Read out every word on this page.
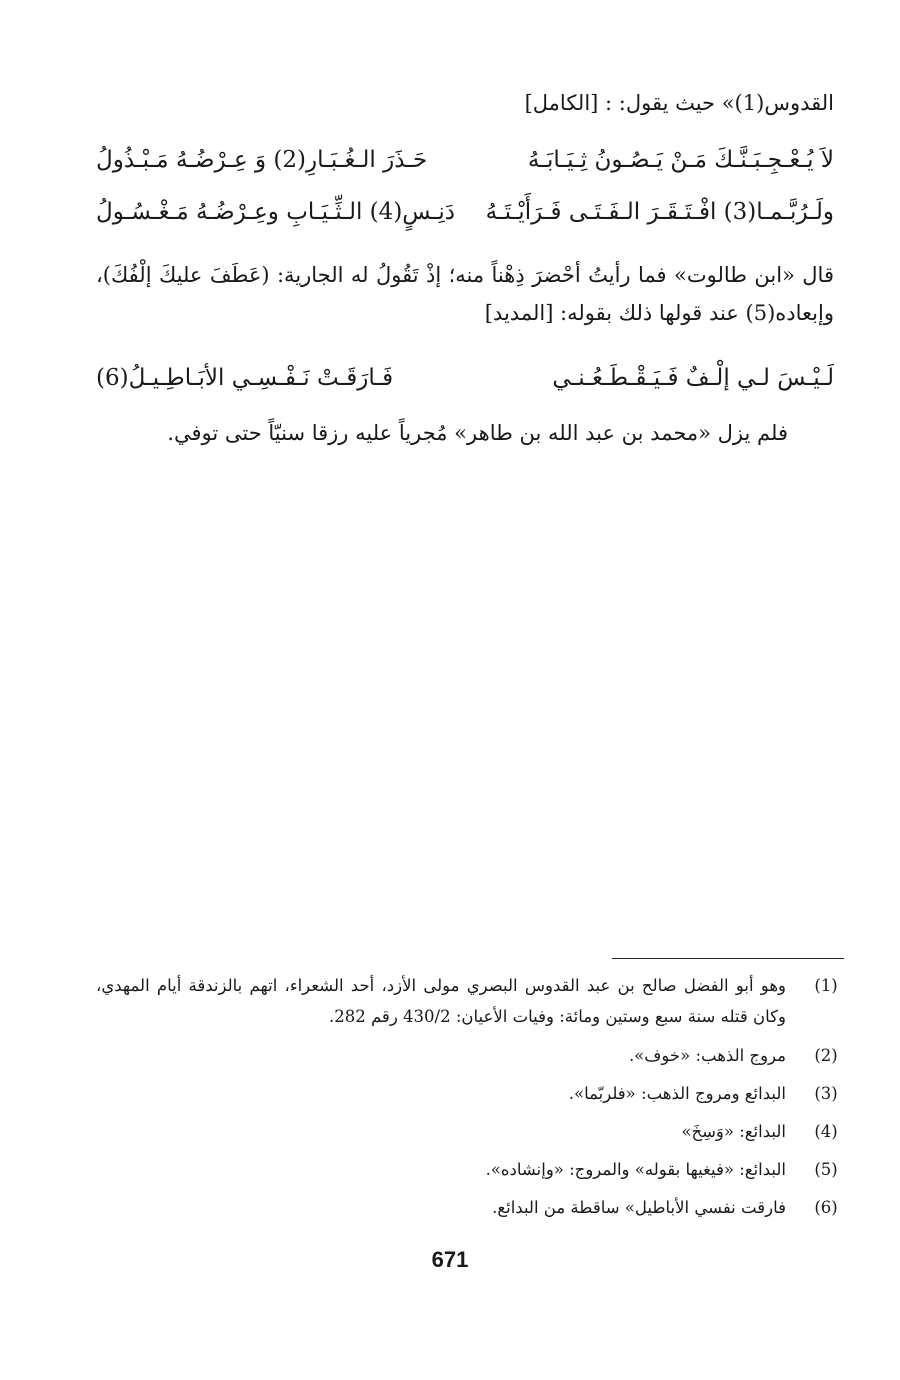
القدوس(1)» حيث يقول: : [الكامل]
لاَ يُـعْـجِـبَـنَّـكَ مَـنْ يَـصُـونُ ثِـيَـابَـهُ
حَـذَرَ الـغُـبَـارِ(2) وَ عِـرْضُـهُ مَـبْـذُولُ
ولَـرُبَّـمـا(3) افْـتَـقَـرَ الـفَـتَـى فَـرَأَيْـتَـهُ
دَنِـسٍ(4) الـثِّـيَـابِ وعِـرْضُـهُ مَـغْـسُـولُ
قال «ابن طالوت» فما رأيتُ أحْضرَ ذِهْناً منه؛ إذْ تَقُولُ له الجارية: (عَطَفَ عليكَ إلْفُكَ)، وإبعاده(5) عند قولها ذلك بقوله: [المديد]
لَـيْـسَ لـي إلْـفٌ فَـيَـقْـطَـعُـنـي
فَـارَقَـتْ نَـفْـسِـي الأبَـاطِـيـلُ(6)
فلم يزل «محمد بن عبد الله بن طاهر» مُجرياً عليه رزقا سنيّاً حتى توفي.
(1)
وهو أبو الفضل صالح بن عبد القدوس البصري مولى الأزد، أحد الشعراء، اتهم بالزندقة أيام المهدي، وكان قتله سنة سبع وستين ومائة: وفيات الأعيان: 430/2 رقم 282.
(2)
مروج الذهب: «خوف».
(3)
البدائع ومروج الذهب: «فلربّما».
(4)
البدائع: «وَسِخَ»
(5)
البدائع: «فيغيها بقوله» والمروج: «وإنشاده».
(6)
فارقت نفسي الأباطيل» ساقطة من البدائع.
671
